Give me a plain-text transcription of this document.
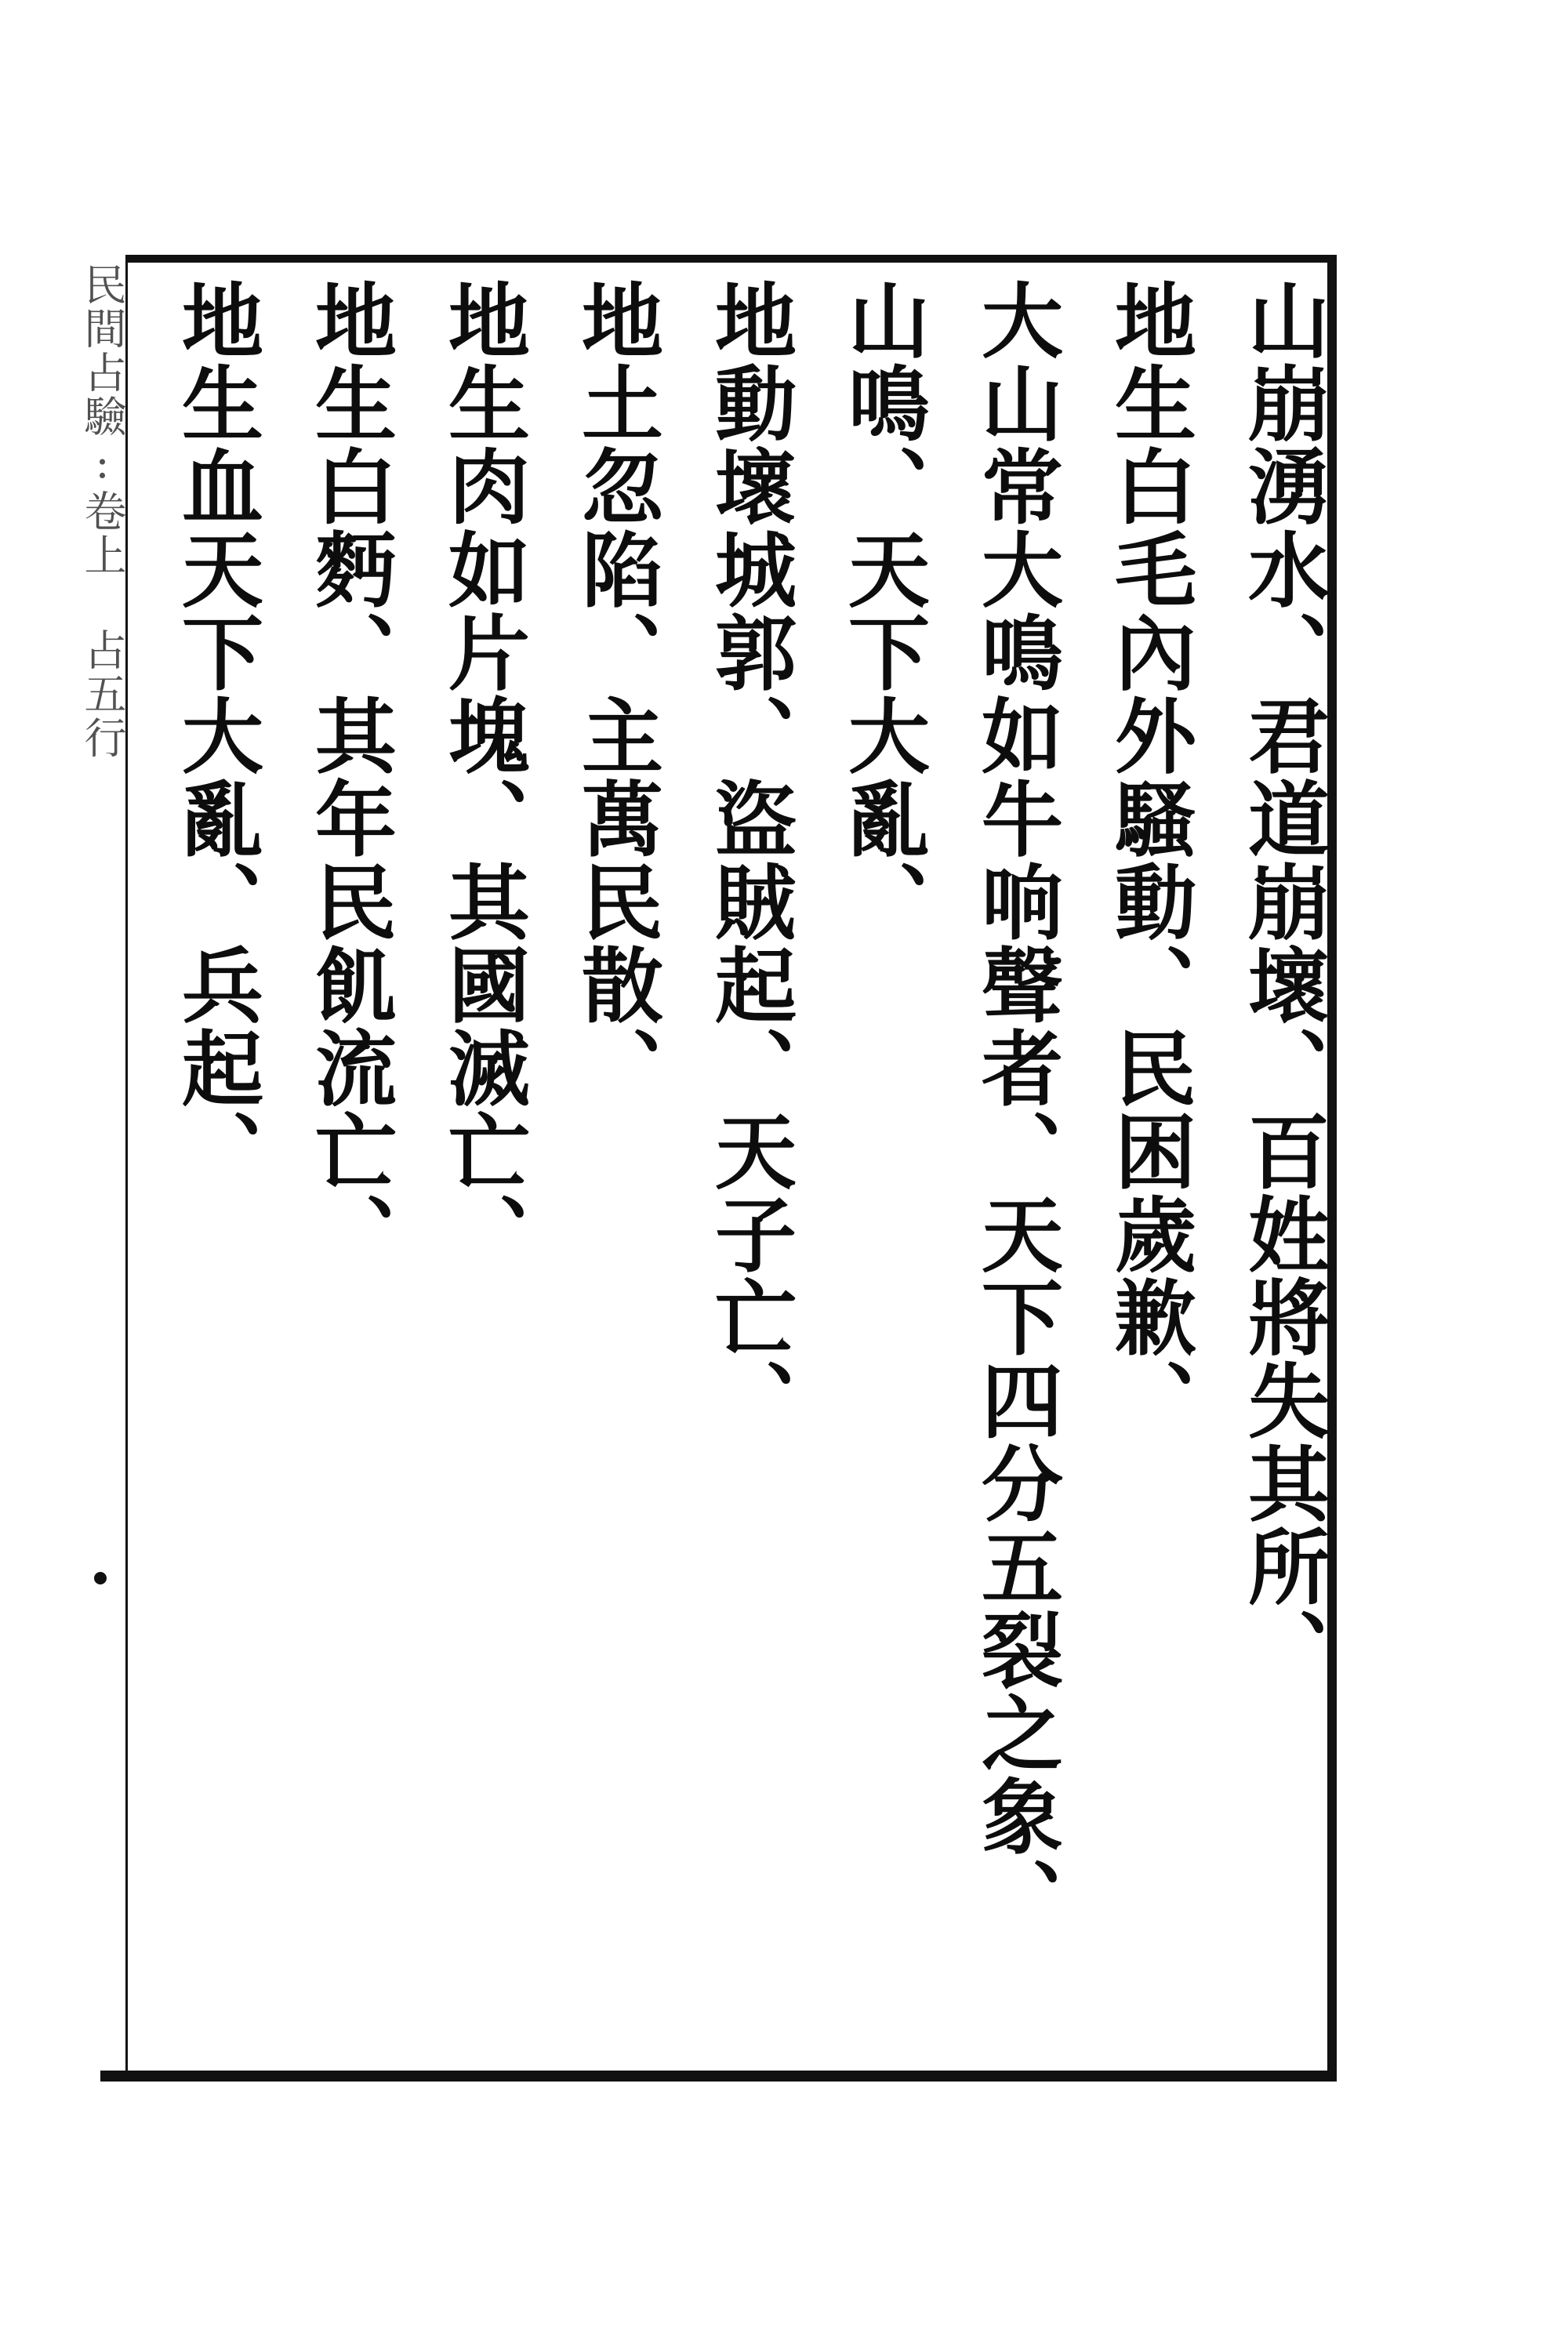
民間占驗:卷上 占五行	山崩湧水、君道崩壞、百姓將失其所、
地生白毛內外騷動、民困歲歉、
大山常大鳴如牛响聲者、天下四分五裂之象、
山鳴、天下大亂、
地動壞城郭、盜賊起、天子亡、
地土忽陷、主萬民散、
地生肉如片塊、其國滅亡、
地生白麪、其年民飢流亡、
地生血天下大亂、兵起、
